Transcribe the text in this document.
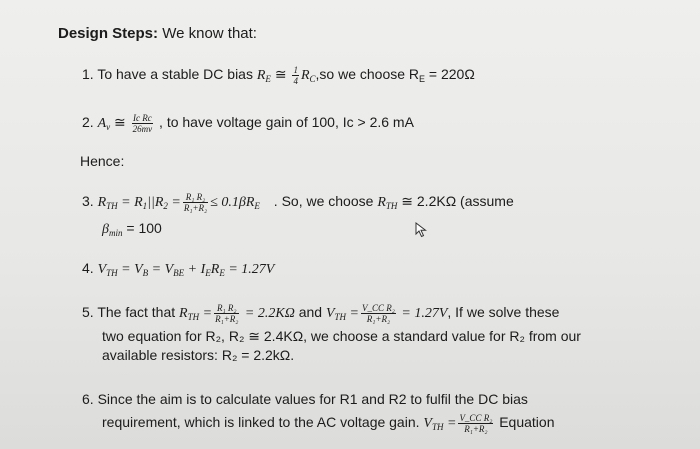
Design Steps: We know that:
1. To have a stable DC bias $R_E$ ≅ $\frac{1}{4} R_C,so$ we choose $R_E = 220\Omega$
2. $A_v$ ≅ $\frac{\text{Ic Rc}}{26mv}$ , to have voltage gain of 100, Ic > 2.6 mA
Hence:
3. $R_{TH} = R_1||R_2 = \frac{\text{R₁ R₂}}{\text{R₁+R₂}} \le 0.1\beta R_E$ . So, we choose $R_{TH}$ ≅ 2.2KΩ (assume
$\beta_{min} = 100$
4. $V_{TH} = V_B = V_{BE} + I_ER_E = 1.27V$
5. The fact that $R_{TH} = \frac{\text{R₁ R₂}}{\text{R₁+R₂}} = 2.2K\Omega$ and $V_{TH} = \frac{\text{V\_CC R₂}}{\text{R₁+R₂}} = 1.27V$, If we solve these
two equation for R₂, R₂ ≅ 2.4KΩ, we choose a standard value for R₂ from our
available resistors: R₂ = 2.2kΩ.
6. Since the aim is to calculate values for R1 and R2 to fulfil the DC bias
requirement, which is linked to the AC voltage gain. $V_{TH} = \frac{\text{V\_CC R₂}}{\text{R₁+R₂}}$ Equation
